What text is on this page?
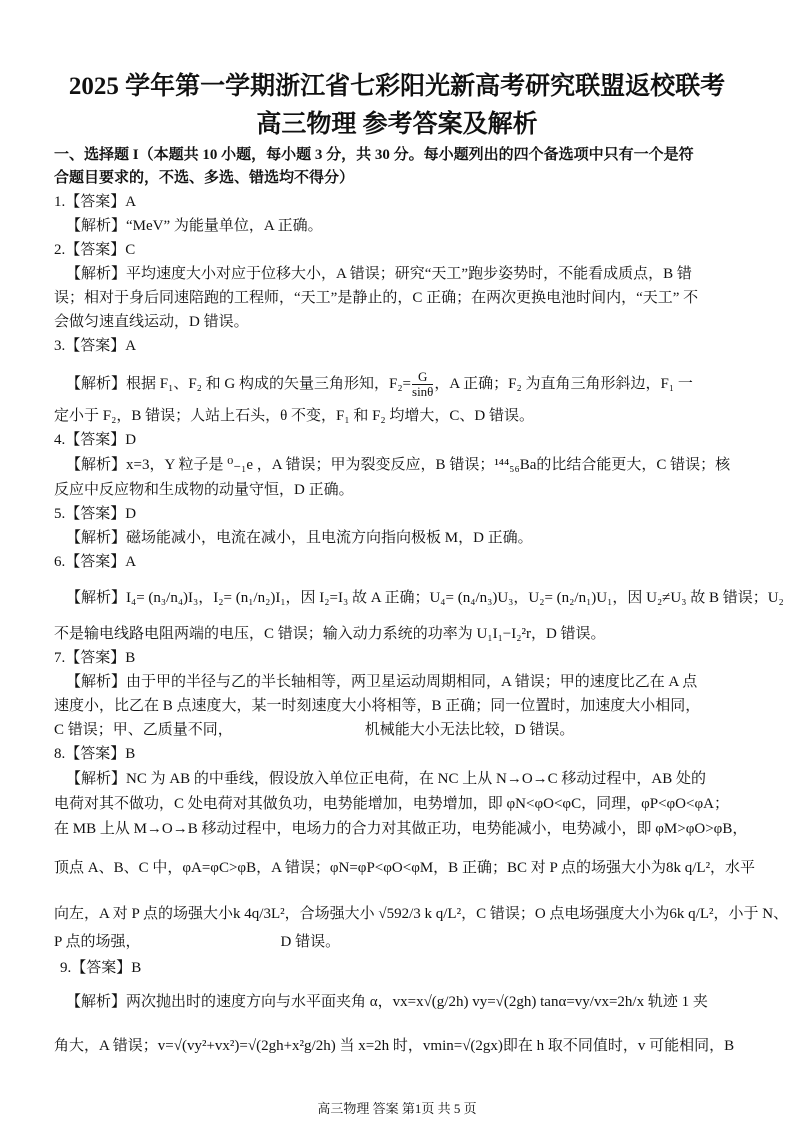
2025 学年第一学期浙江省七彩阳光新高考研究联盟返校联考
高三物理 参考答案及解析
一、选择题 I（本题共 10 小题，每小题 3 分，共 30 分。每小题列出的四个备选项中只有一个是符
合题目要求的，不选、多选、错选均不得分）
1.【答案】A
【解析】“MeV” 为能量单位，A 正确。
2.【答案】C
【解析】平均速度大小对应于位移大小，A 错误；研究“天工”跑步姿势时，不能看成质点，B 错
误；相对于身后同速陪跑的工程师，“天工”是静止的，C 正确；在两次更换电池时间内，“天工” 不
会做匀速直线运动，D 错误。
3.【答案】A
【解析】根据 F₁、F₂ 和 G 构成的矢量三角形知，$F_2= \frac{G}{\sin\theta}$ ，A 正确；F₂ 为直角三角形斜边，F₁ 一
定小于 F₂，B 错误；人站上石头，θ 不变，F₁ 和 F₂ 均增大，C、D 错误。
4.【答案】D
【解析】x=3，Y 粒子是 ⁰₋₁e ，A 错误；甲为裂变反应，B 错误；¹⁴⁴₅₆Ba的比结合能更大，C 错误；核
反应中反应物和生成物的动量守恒，D 正确。
5.【答案】D
【解析】磁场能减小，电流在减小，且电流方向指向极板 M，D 正确。
6.【答案】A
【解析】I₄= (n₃/n₄)I₃，I₂= (n₁/n₂)I₁，因 I₂=I₃ 故 A 正确；U₄= (n₄/n₃)U₃，U₂= (n₂/n₁)U₁，因 U₂≠U₃ 故 B 错误；U₂
不是输电线路电阻两端的电压，C 错误；输入动力系统的功率为 U₁I₁−I₂²r，D 错误。
7.【答案】B
【解析】由于甲的半径与乙的半长轴相等，两卫星运动周期相同，A 错误；甲的速度比乙在 A 点
速度小，比乙在 B 点速度大，某一时刻速度大小将相等，B 正确；同一位置时，加速度大小相同，
C 错误；甲、乙质量不同，	机械能大小无法比较，D 错误。
8.【答案】B
【解析】NC 为 AB 的中垂线，假设放入单位正电荷，在 NC 上从 N→O→C 移动过程中，AB 处的
电荷对其不做功，C 处电荷对其做负功，电势能增加，电势增加，即 φN<φO<φC，同理，φP<φO<φA；
在 MB 上从 M→O→B 移动过程中，电场力的合力对其做正功，电势能减小，电势减小，即 φM>φO>φB，
顶点 A、B、C 中，φA=φC>φB，A 错误；φN=φP<φO<φM，B 正确；BC 对 P 点的场强大小为8k q/L²，水平
向左，A 对 P 点的场强大小k 4q/3L²，合场强大小 √592/3 k q/L²，C 错误；O 点电场强度大小为6k q/L²，小于 N、
P 点的场强，	D 错误。
9.【答案】B
【解析】两次抛出时的速度方向与水平面夹角 α，vx=x√(g/2h) vy=√(2gh) tanα=vy/vx=2h/x 轨迹 1 夹
角大，A 错误；v=√(vy²+vx²)=√(2gh+x²g/2h) 当 x=2h 时，vmin=√(2gx)即在 h 取不同值时，v 可能相同，B
高三物理 答案 第1页 共 5 页
